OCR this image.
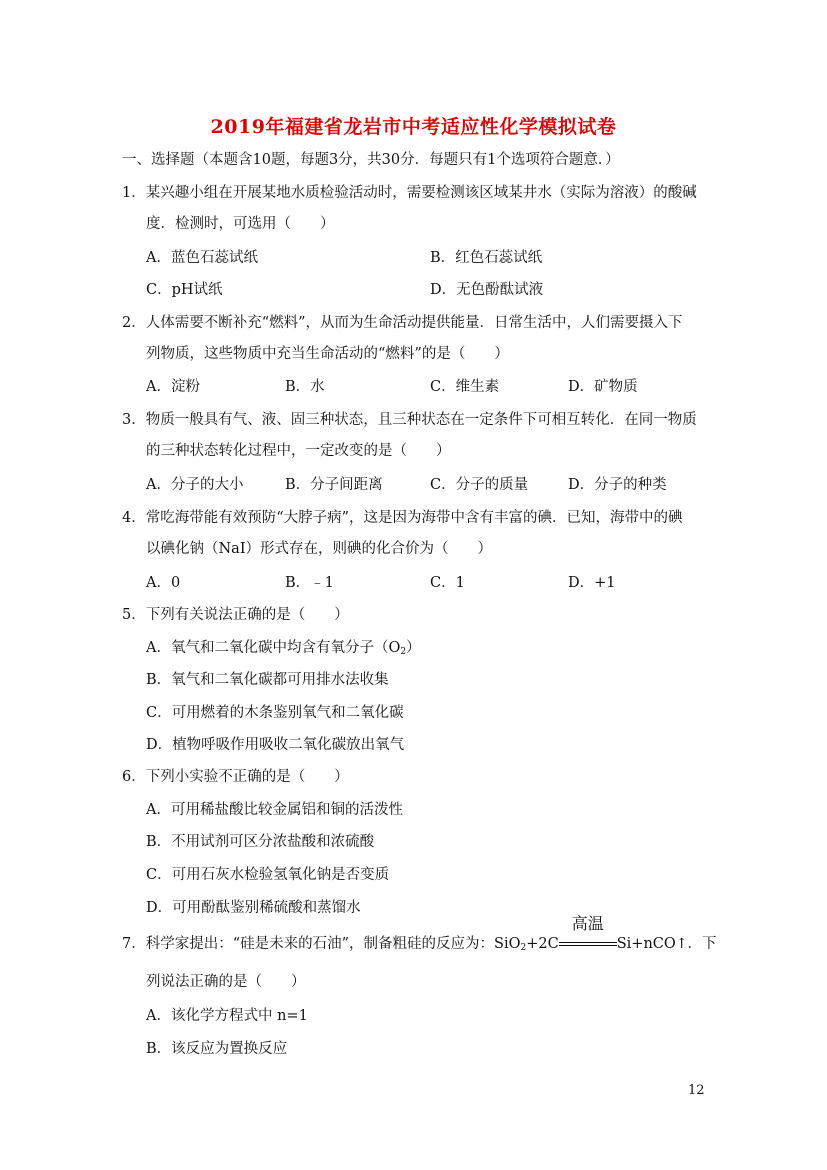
2019年福建省龙岩市中考适应性化学模拟试卷
一、选择题（本题含10题，每题3分，共30分．每题只有1个选项符合题意．）
1．某兴趣小组在开展某地水质检验活动时，需要检测该区域某井水（实际为溶液）的酸碱
度．检测时，可选用（　　）
A．蓝色石蕊试纸	B．红色石蕊试纸
C．pH试纸	D．无色酚酞试液
2．人体需要不断补充“燃料”，从而为生命活动提供能量．日常生活中，人们需要摄入下
列物质，这些物质中充当生命活动的“燃料”的是（　　）
A．淀粉	B．水	C．维生素	D．矿物质
3．物质一般具有气、液、固三种状态，且三种状态在一定条件下可相互转化．在同一物质
的三种状态转化过程中，一定改变的是（　　）
A．分子的大小	B．分子间距离	C．分子的质量	D．分子的种类
4．常吃海带能有效预防“大脖子病”，这是因为海带中含有丰富的碘．已知，海带中的碘
以碘化钠（NaI）形式存在，则碘的化合价为（　　）
A．0	B．﹣1	C．1	D．+1
5．下列有关说法正确的是（　　）
A．氧气和二氧化碳中均含有氧分子$(O_2)$
B．氧气和二氧化碳都可用排水法收集
C．可用燃着的木条鉴别氧气和二氧化碳
D．植物呼吸作用吸收二氧化碳放出氧气
6．下列小实验不正确的是（　　）
A．可用稀盐酸比较金属铝和铜的活泼性
B．不用试剂可区分浓盐酸和浓硫酸
C．可用石灰水检验氢氧化钠是否变质
D．可用酚酞鉴别稀硫酸和蒸馏水
7．科学家提出：“硅是未来的石油”，制备粗硅的反应为：SiO$_2$+2C
高温
Si+nCO↑．下
列说法正确的是（　　）
A．该化学方程式中 n=1
B．该反应为置换反应
12
